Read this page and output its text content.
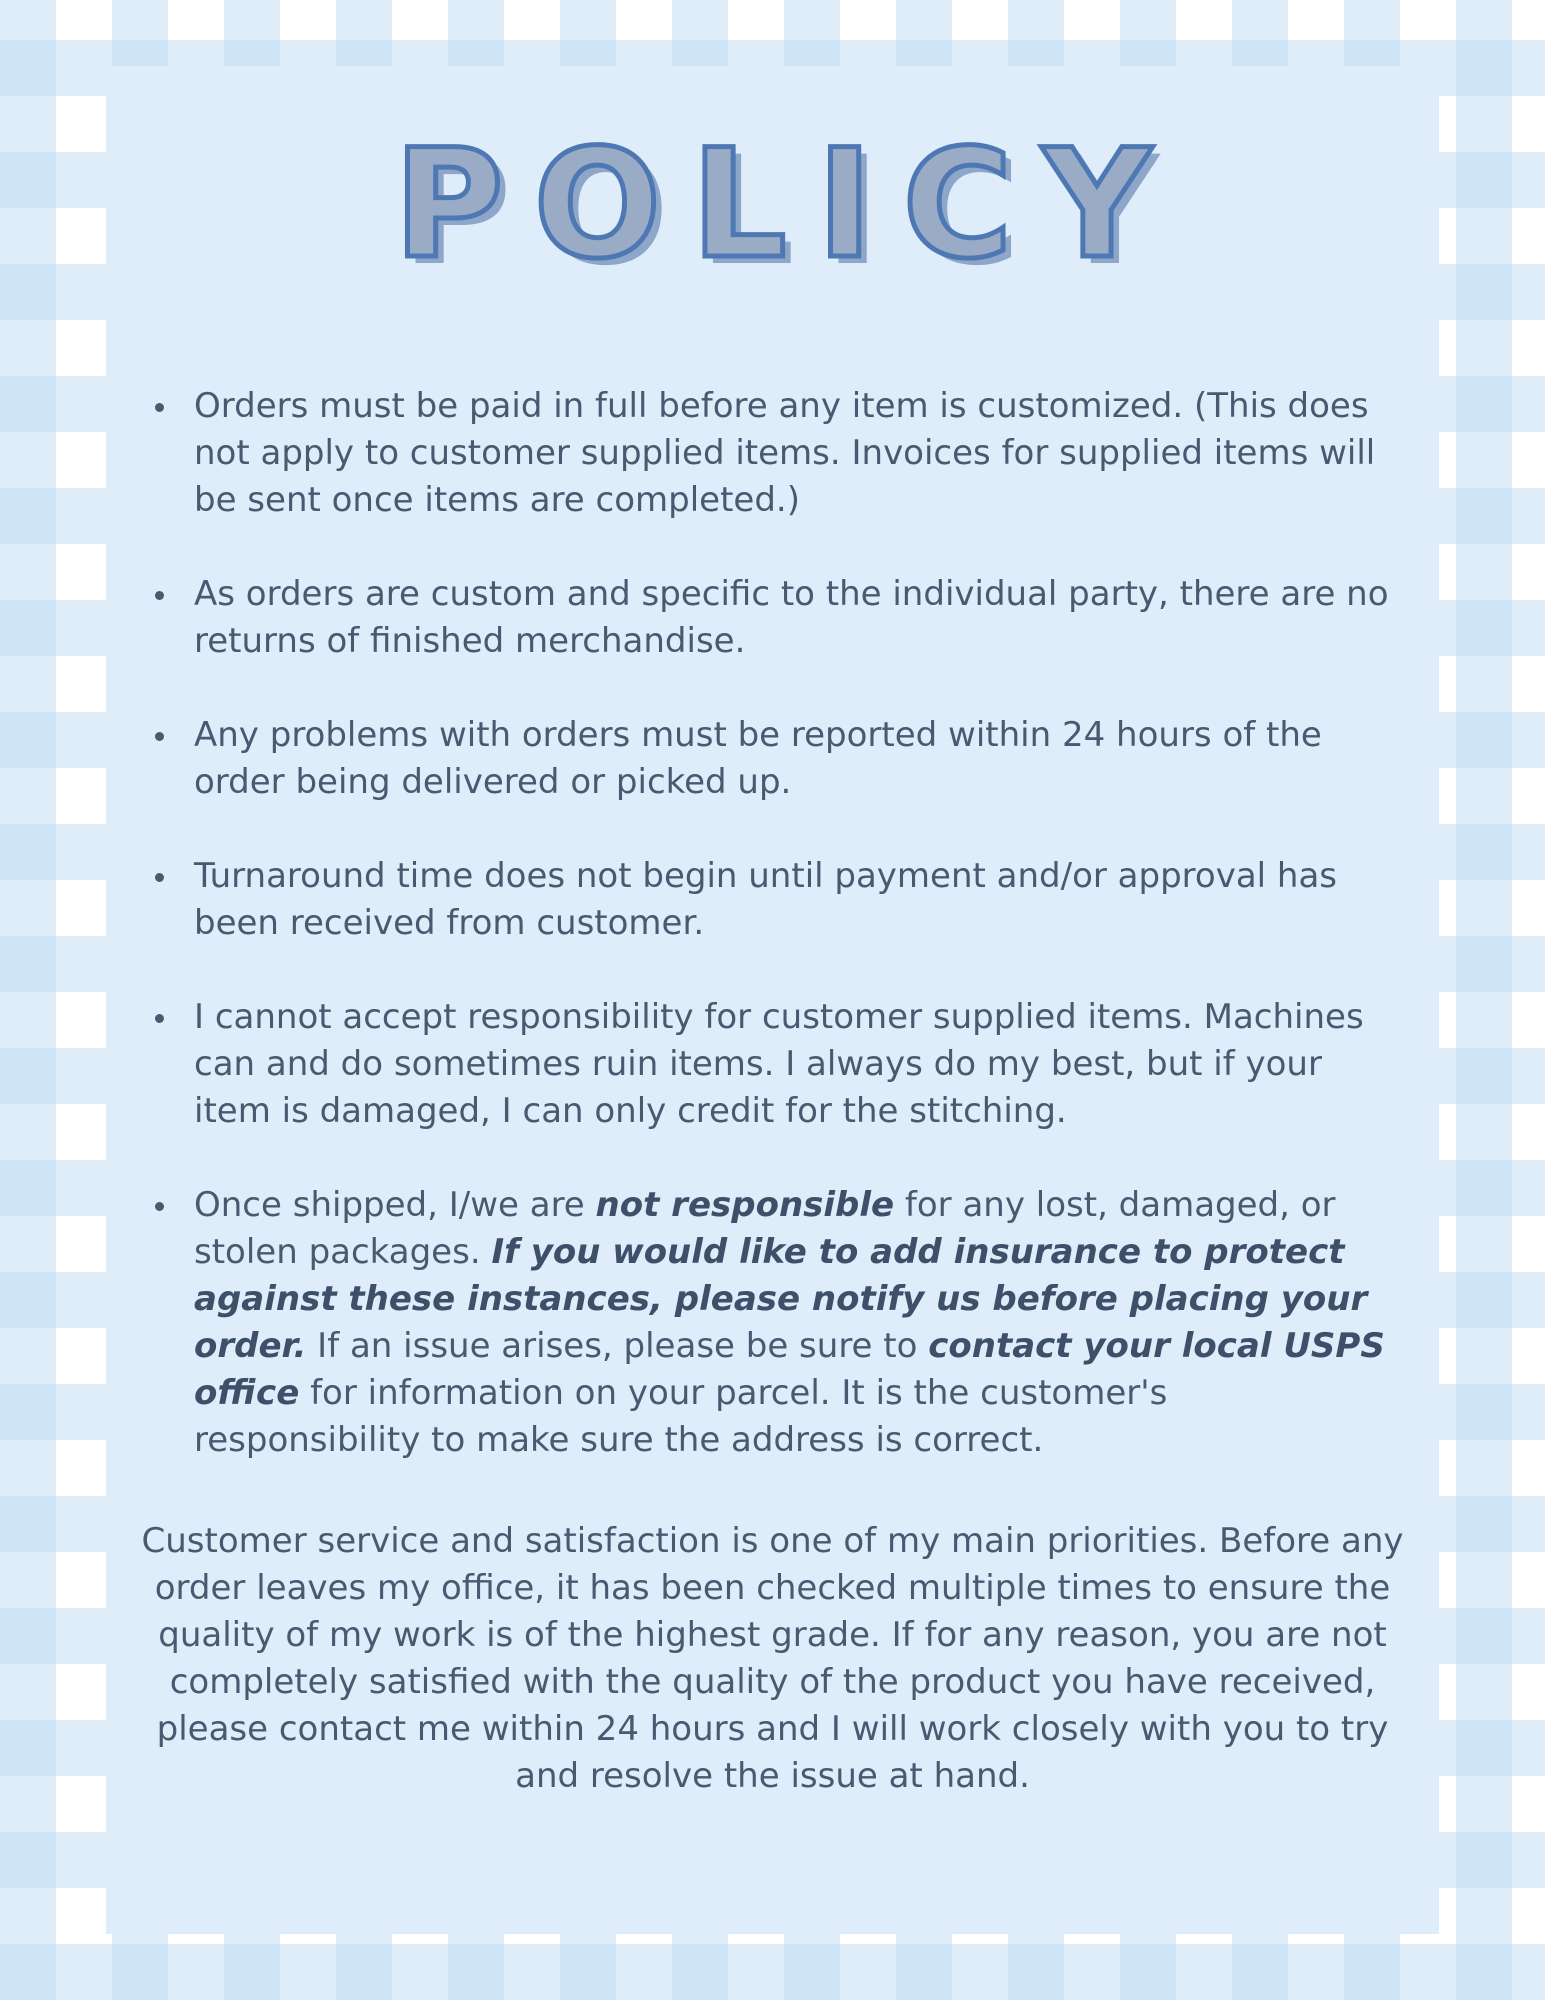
POLICY
Orders must be paid in full before any item is customized. (This does not apply to customer supplied items. Invoices for supplied items will be sent once items are completed.)
As orders are custom and specific to the individual party, there are no returns of finished merchandise.
Any problems with orders must be reported within 24 hours of the order being delivered or picked up.
Turnaround time does not begin until payment and/or approval has been received from customer.
I cannot accept responsibility for customer supplied items. Machines can and do sometimes ruin items. I always do my best, but if your item is damaged, I can only credit for the stitching.
Once shipped, I/we are not responsible for any lost, damaged, or stolen packages. If you would like to add insurance to protect against these instances, please notify us before placing your order. If an issue arises, please be sure to contact your local USPS office for information on your parcel. It is the customer's responsibility to make sure the address is correct.

Customer service and satisfaction is one of my main priorities. Before any order leaves my office, it has been checked multiple times to ensure the quality of my work is of the highest grade. If for any reason, you are not completely satisfied with the quality of the product you have received, please contact me within 24 hours and I will work closely with you to try and resolve the issue at hand.
